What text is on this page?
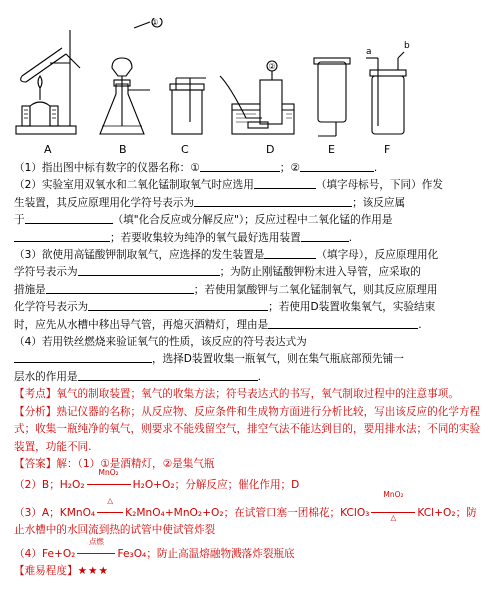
①
②
a
b
A	B	C	D	E	F

（1）指出图中标有数字的仪器名称：①	；②	.

（2）实验室用双氧水和二氧化锰制取氧气时应选用	（填字母标号，下同）作发

生装置，其反应原理用化学符号表示为	；该反应属

于	（填"化合反应或分解反应"）；反应过程中二氧化锰的作用是

；若要收集较为纯净的氧气最好选用装置	.

（3）欲使用高锰酸钾制取氧气，应选择的发生装置是	（填字母），反应原理用化

学符号表示为	；为防止刚锰酸钾粉末进入导管，应采取的

措施是	；若使用氯酸钾与二氧化锰制氧气，则其反应原理用

化学符号表示为	；若使用D装置收集氧气，实验结束

时，应先从水槽中移出导气管，再熄灭酒精灯，理由是	.

（4）若用铁丝燃烧来验证氧气的性质，该反应的符号表达式为

，选择D装置收集一瓶氧气，则在集气瓶底部预先铺一

层水的作用是	.

【考点】氧气的制取装置；氧气的收集方法；符号表达式的书写，氧气制取过程中的注意事项。

【分析】熟记仪器的名称；从反应物、反应条件和生成物方面进行分析比较，写出该反应的化学方程式；收集一瓶纯净的氧气，则要求不能残留空气，排空气法不能达到目的，要用排水法；不同的实验装置，功能不同.

【答案】解：（1）①是酒精灯，②是集气瓶

（2）B；H₂O₂
MnO₂
H₂O+O₂；分解反应；催化作用；D

（3）A；KMnO₄
△
K₂MnO₄+MnO₂+O₂；在试管口塞一团棉花；KClO₃
MnO₂
△	KCl+O₂；防止水槽中的水回流到热的试管中使试管炸裂

（4）Fe+O₂
点燃
Fe₃O₄；防止高温熔融物溅落炸裂瓶底

【难易程度】★★★
